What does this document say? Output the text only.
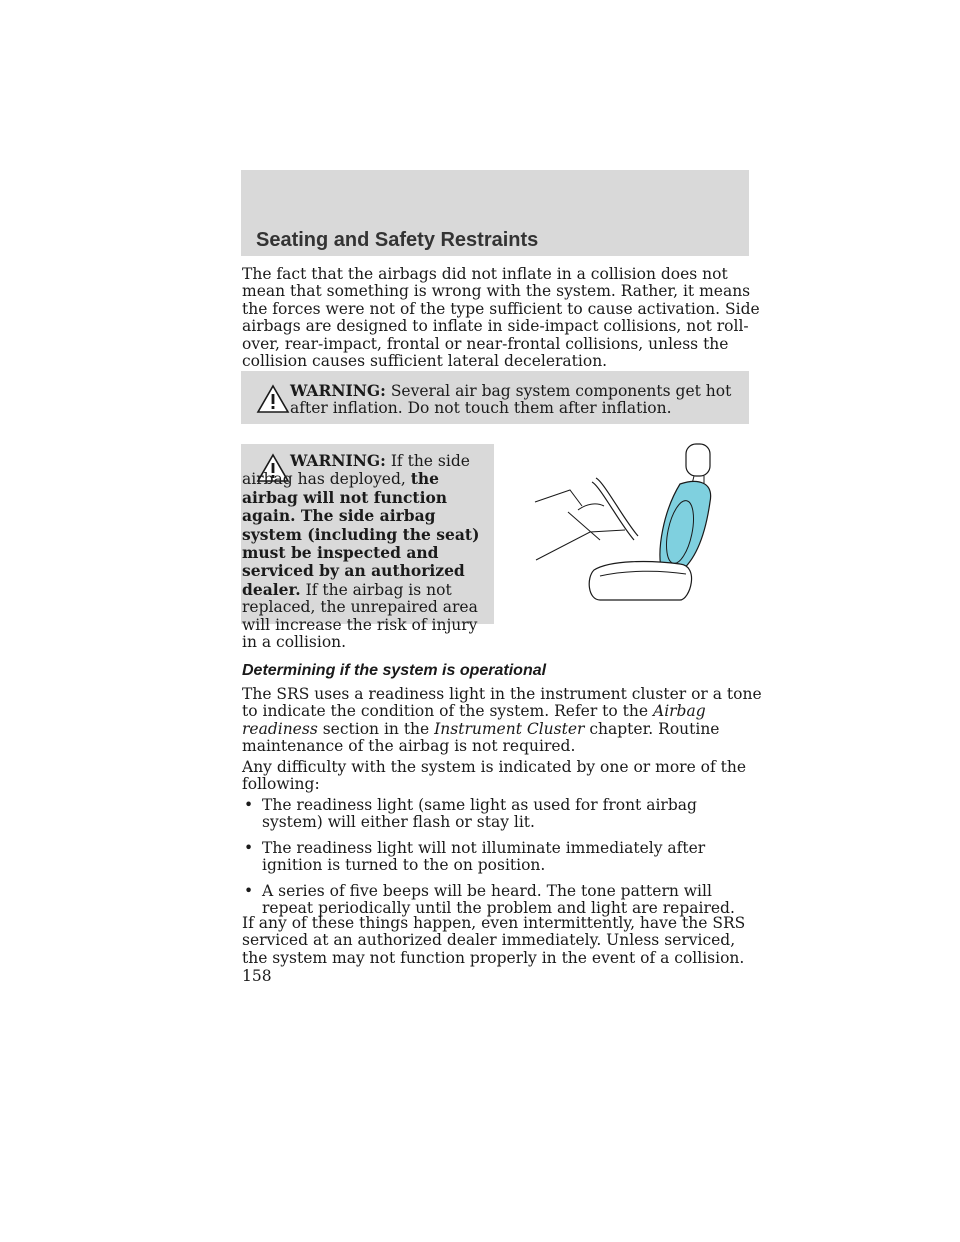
Seating and Safety Restraints

The fact that the airbags did not inflate in a collision does not mean that something is wrong with the system. Rather, it means the forces were not of the type sufficient to cause activation. Side airbags are designed to inflate in side-impact collisions, not roll-over, rear-impact, frontal or near-frontal collisions, unless the collision causes sufficient lateral deceleration.

WARNING: Several air bag system components get hot after inflation. Do not touch them after inflation.

WARNING: If the side airbag has deployed, the airbag will not function again. The side airbag system (including the seat) must be inspected and serviced by an authorized dealer. If the airbag is not replaced, the unrepaired area will increase the risk of injury in a collision.

Determining if the system is operational

The SRS uses a readiness light in the instrument cluster or a tone to indicate the condition of the system. Refer to the Airbag readiness section in the Instrument Cluster chapter. Routine maintenance of the airbag is not required.

Any difficulty with the system is indicated by one or more of the following:

• The readiness light (same light as used for front airbag system) will either flash or stay lit.
• The readiness light will not illuminate immediately after ignition is turned to the on position.
• A series of five beeps will be heard. The tone pattern will repeat periodically until the problem and light are repaired.

If any of these things happen, even intermittently, have the SRS serviced at an authorized dealer immediately. Unless serviced, the system may not function properly in the event of a collision.

158
